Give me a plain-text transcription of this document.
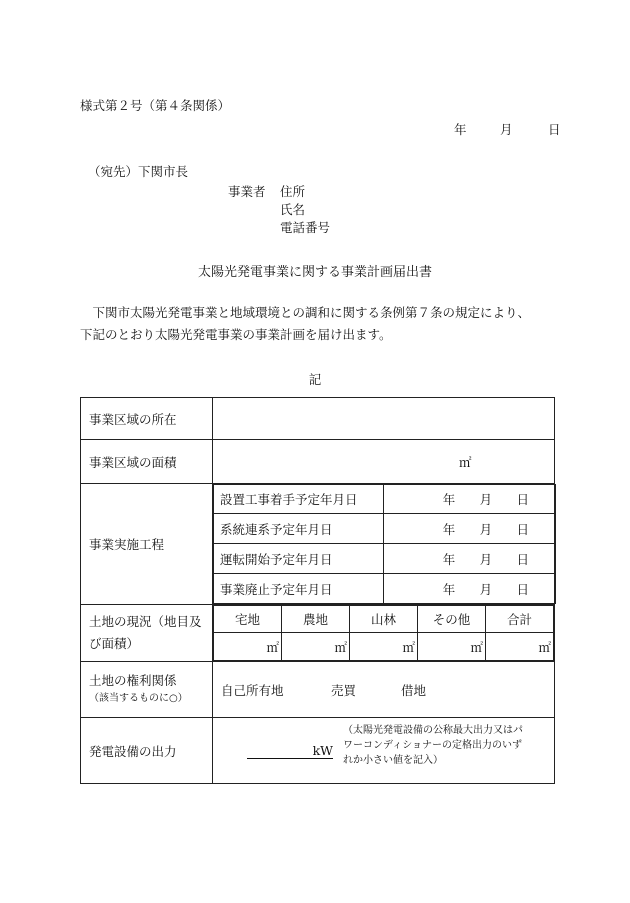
様式第２号（第４条関係）
年	月	日
（宛先）下関市長
事業者 住所
氏名
電話番号
太陽光発電事業に関する事業計画届出書

　下関市太陽光発電事業と地域環境との調和に関する条例第７条の規定により、

下記のとおり太陽光発電事業の事業計画を届け出ます。

記
事業区域の所在	
事業区域の面積	㎡
事業実施工程	
設置工事着手予定年月日	年	月	日

系統連系予定年月日	年	月	日

運転開始予定年月日	年	月	日

事業廃止予定年月日	年	月	日

土地の現況（地目及び面積）	
宅地	農地	山林	その他	合計
㎡	㎡	㎡	㎡	㎡

土地の権利関係
（該当するものに○）
	自己所有地	売買	借地
発電設備の出力	kW
（太陽光発電設備の公称最大出力又はパワーコンディショナーの定格出力のいずれか小さい値を記入）
